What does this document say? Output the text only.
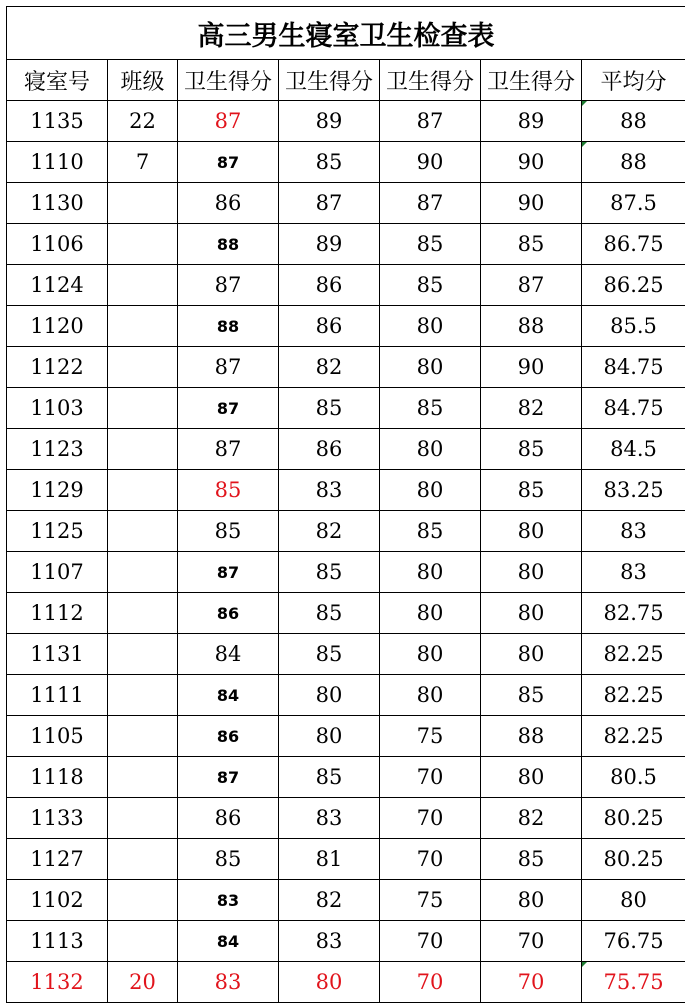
高三男生寝室卫生检查表						
寝室号	班级	卫生得分	卫生得分	卫生得分	卫生得分	平均分
1135	22	87	89	87	89	88
1110	7	87	85	90	90	88
1130		86	87	87	90	87.5
1106		88	89	85	85	86.75
1124		87	86	85	87	86.25
1120		88	86	80	88	85.5
1122		87	82	80	90	84.75
1103		87	85	85	82	84.75
1123		87	86	80	85	84.5
1129		85	83	80	85	83.25
1125		85	82	85	80	83
1107		87	85	80	80	83
1112		86	85	80	80	82.75
1131		84	85	80	80	82.25
1111		84	80	80	85	82.25
1105		86	80	75	88	82.25
1118		87	85	70	80	80.5
1133		86	83	70	82	80.25
1127		85	81	70	85	80.25
1102		83	82	75	80	80
1113		84	83	70	70	76.75
1132	20	83	80	70	70	75.75
